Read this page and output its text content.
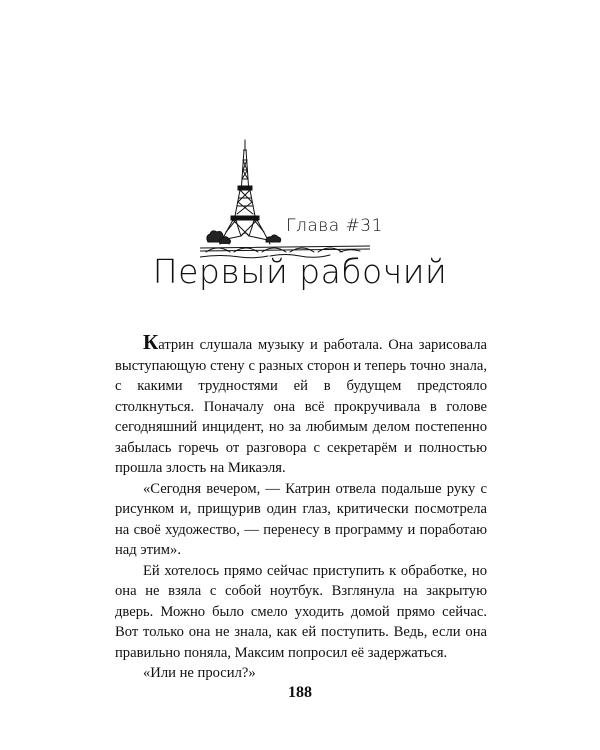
Глава #31
Первый рабочий

Катрин слушала музыку и работала. Она зарисовала выступающую стену с разных сторон и теперь точно знала, с какими трудностями ей в будущем предстояло столкнуться. Поначалу она всё прокручивала в голове сегодняшний инцидент, но за любимым делом постепенно забылась горечь от разговора с секретарём и полностью прошла злость на Микаэля.

«Сегодня вечером, — Катрин отвела подальше руку с рисунком и, прищурив один глаз, критически посмотрела на своё художество, — перенесу в программу и поработаю над этим».

Ей хотелось прямо сейчас приступить к обработке, но она не взяла с собой ноутбук. Взглянула на закрытую дверь. Можно было смело уходить домой прямо сейчас. Вот только она не знала, как ей поступить. Ведь, если она правильно поняла, Максим попросил её задержаться.

«Или не просил?»

188
